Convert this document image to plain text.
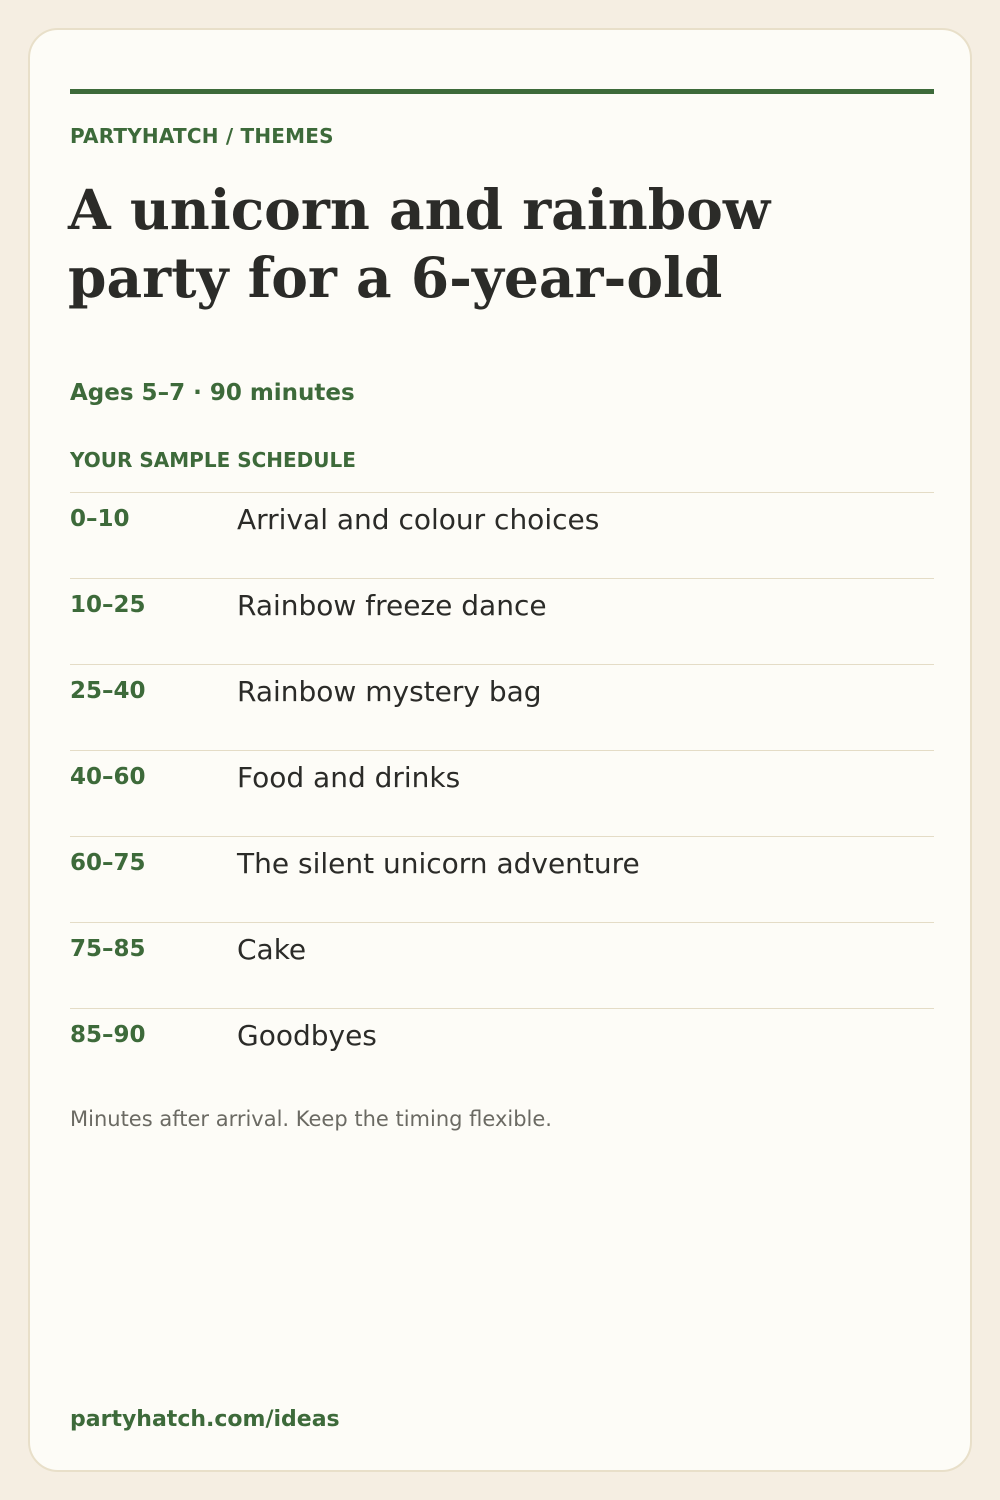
PARTYHATCH / THEMES
A unicorn and rainbow party for a 6-year-old
Ages 5–7 · 90 minutes
YOUR SAMPLE SCHEDULE
0–10	Arrival and colour choices
10–25	Rainbow freeze dance
25–40	Rainbow mystery bag
40–60	Food and drinks
60–75	The silent unicorn adventure
75–85	Cake
85–90	Goodbyes
Minutes after arrival. Keep the timing flexible.
partyhatch.com/ideas
